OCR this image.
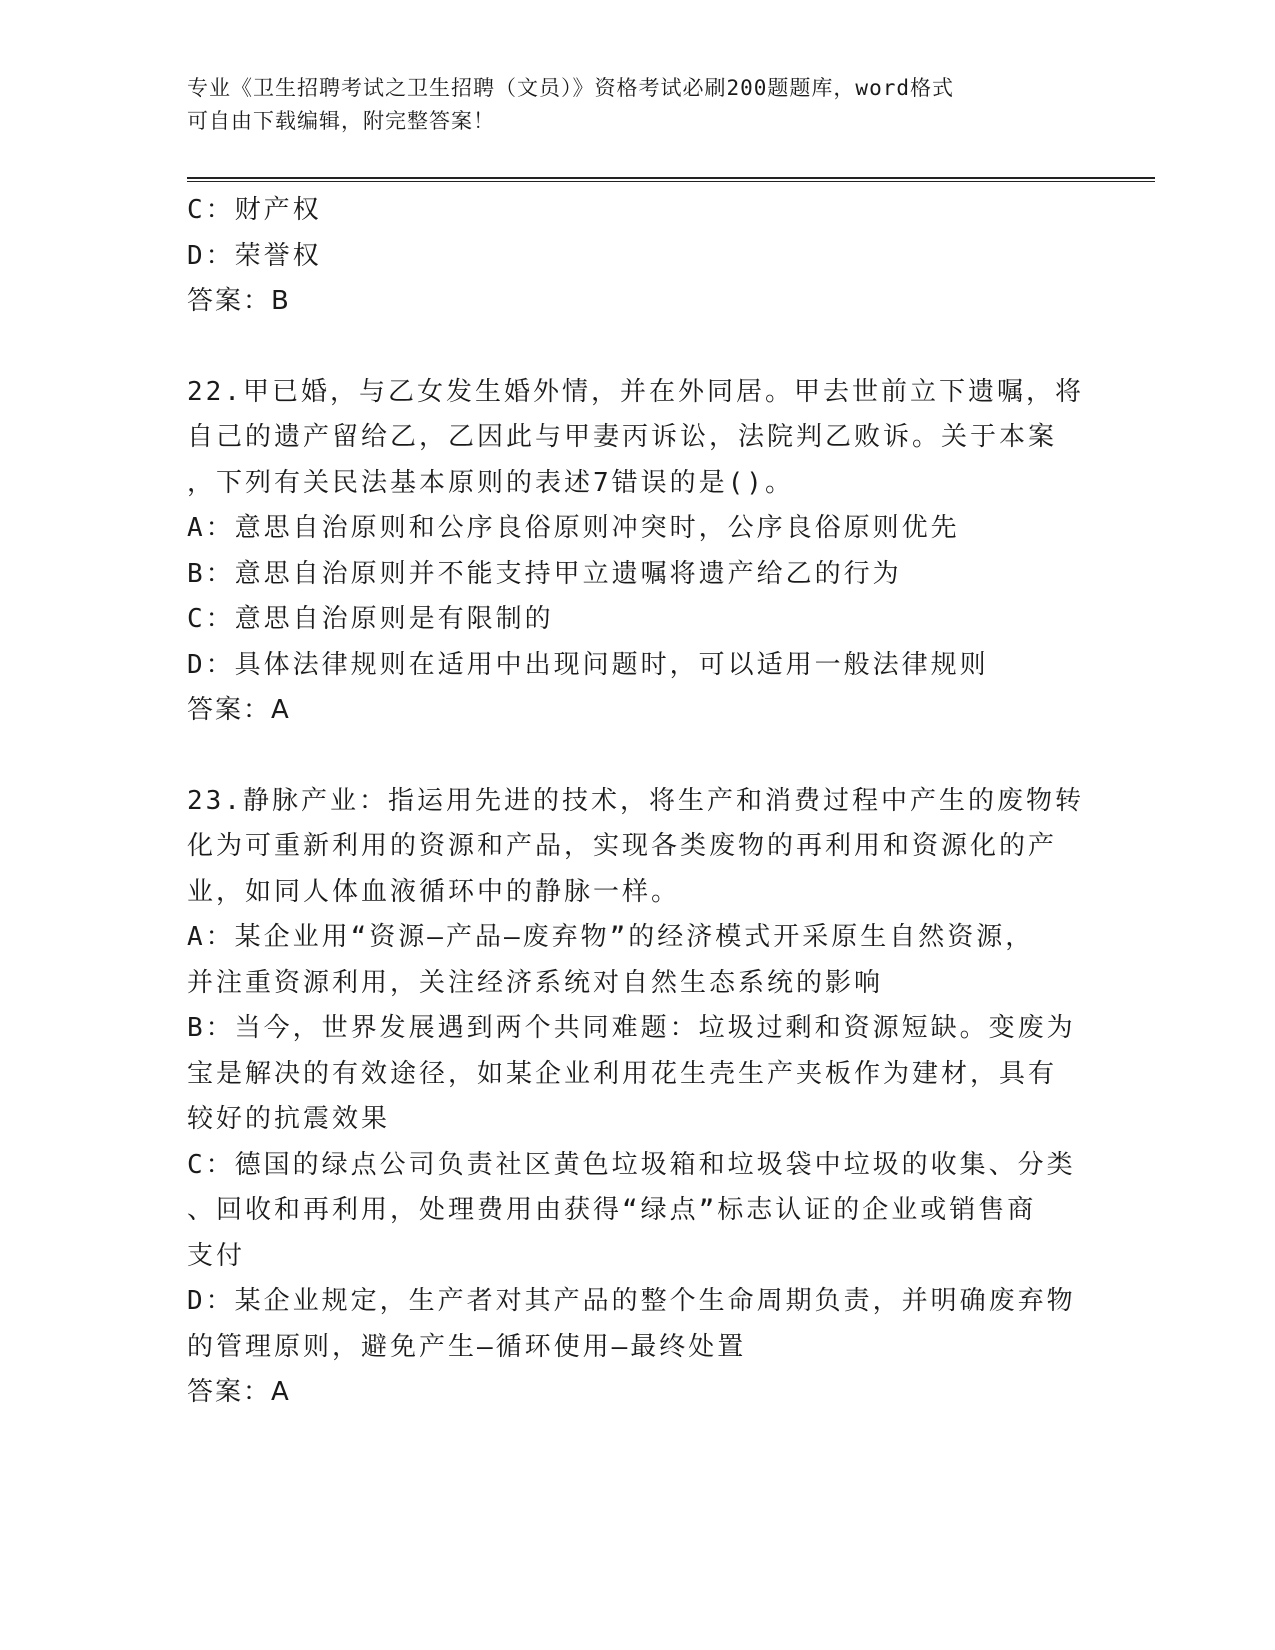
专业《卫生招聘考试之卫生招聘（文员）》资格考试必刷200题题库，word格式
可自由下载编辑，附完整答案！
C：财产权
D：荣誉权
答案：B
22.甲已婚，与乙女发生婚外情，并在外同居。甲去世前立下遗嘱，将
自己的遗产留给乙，乙因此与甲妻丙诉讼，法院判乙败诉。关于本案
，下列有关民法基本原则的表述7错误的是()。
A：意思自治原则和公序良俗原则冲突时，公序良俗原则优先
B：意思自治原则并不能支持甲立遗嘱将遗产给乙的行为
C：意思自治原则是有限制的
D：具体法律规则在适用中出现问题时，可以适用一般法律规则
答案：A
23.静脉产业：指运用先进的技术，将生产和消费过程中产生的废物转
化为可重新利用的资源和产品，实现各类废物的再利用和资源化的产
业，如同人体血液循环中的静脉一样。
A：某企业用“资源—产品—废弃物”的经济模式开采原生自然资源，
并注重资源利用，关注经济系统对自然生态系统的影响
B：当今，世界发展遇到两个共同难题：垃圾过剩和资源短缺。变废为
宝是解决的有效途径，如某企业利用花生壳生产夹板作为建材，具有
较好的抗震效果
C：德国的绿点公司负责社区黄色垃圾箱和垃圾袋中垃圾的收集、分类
、回收和再利用，处理费用由获得“绿点”标志认证的企业或销售商
支付
D：某企业规定，生产者对其产品的整个生命周期负责，并明确废弃物
的管理原则，避免产生—循环使用—最终处置
答案：A
